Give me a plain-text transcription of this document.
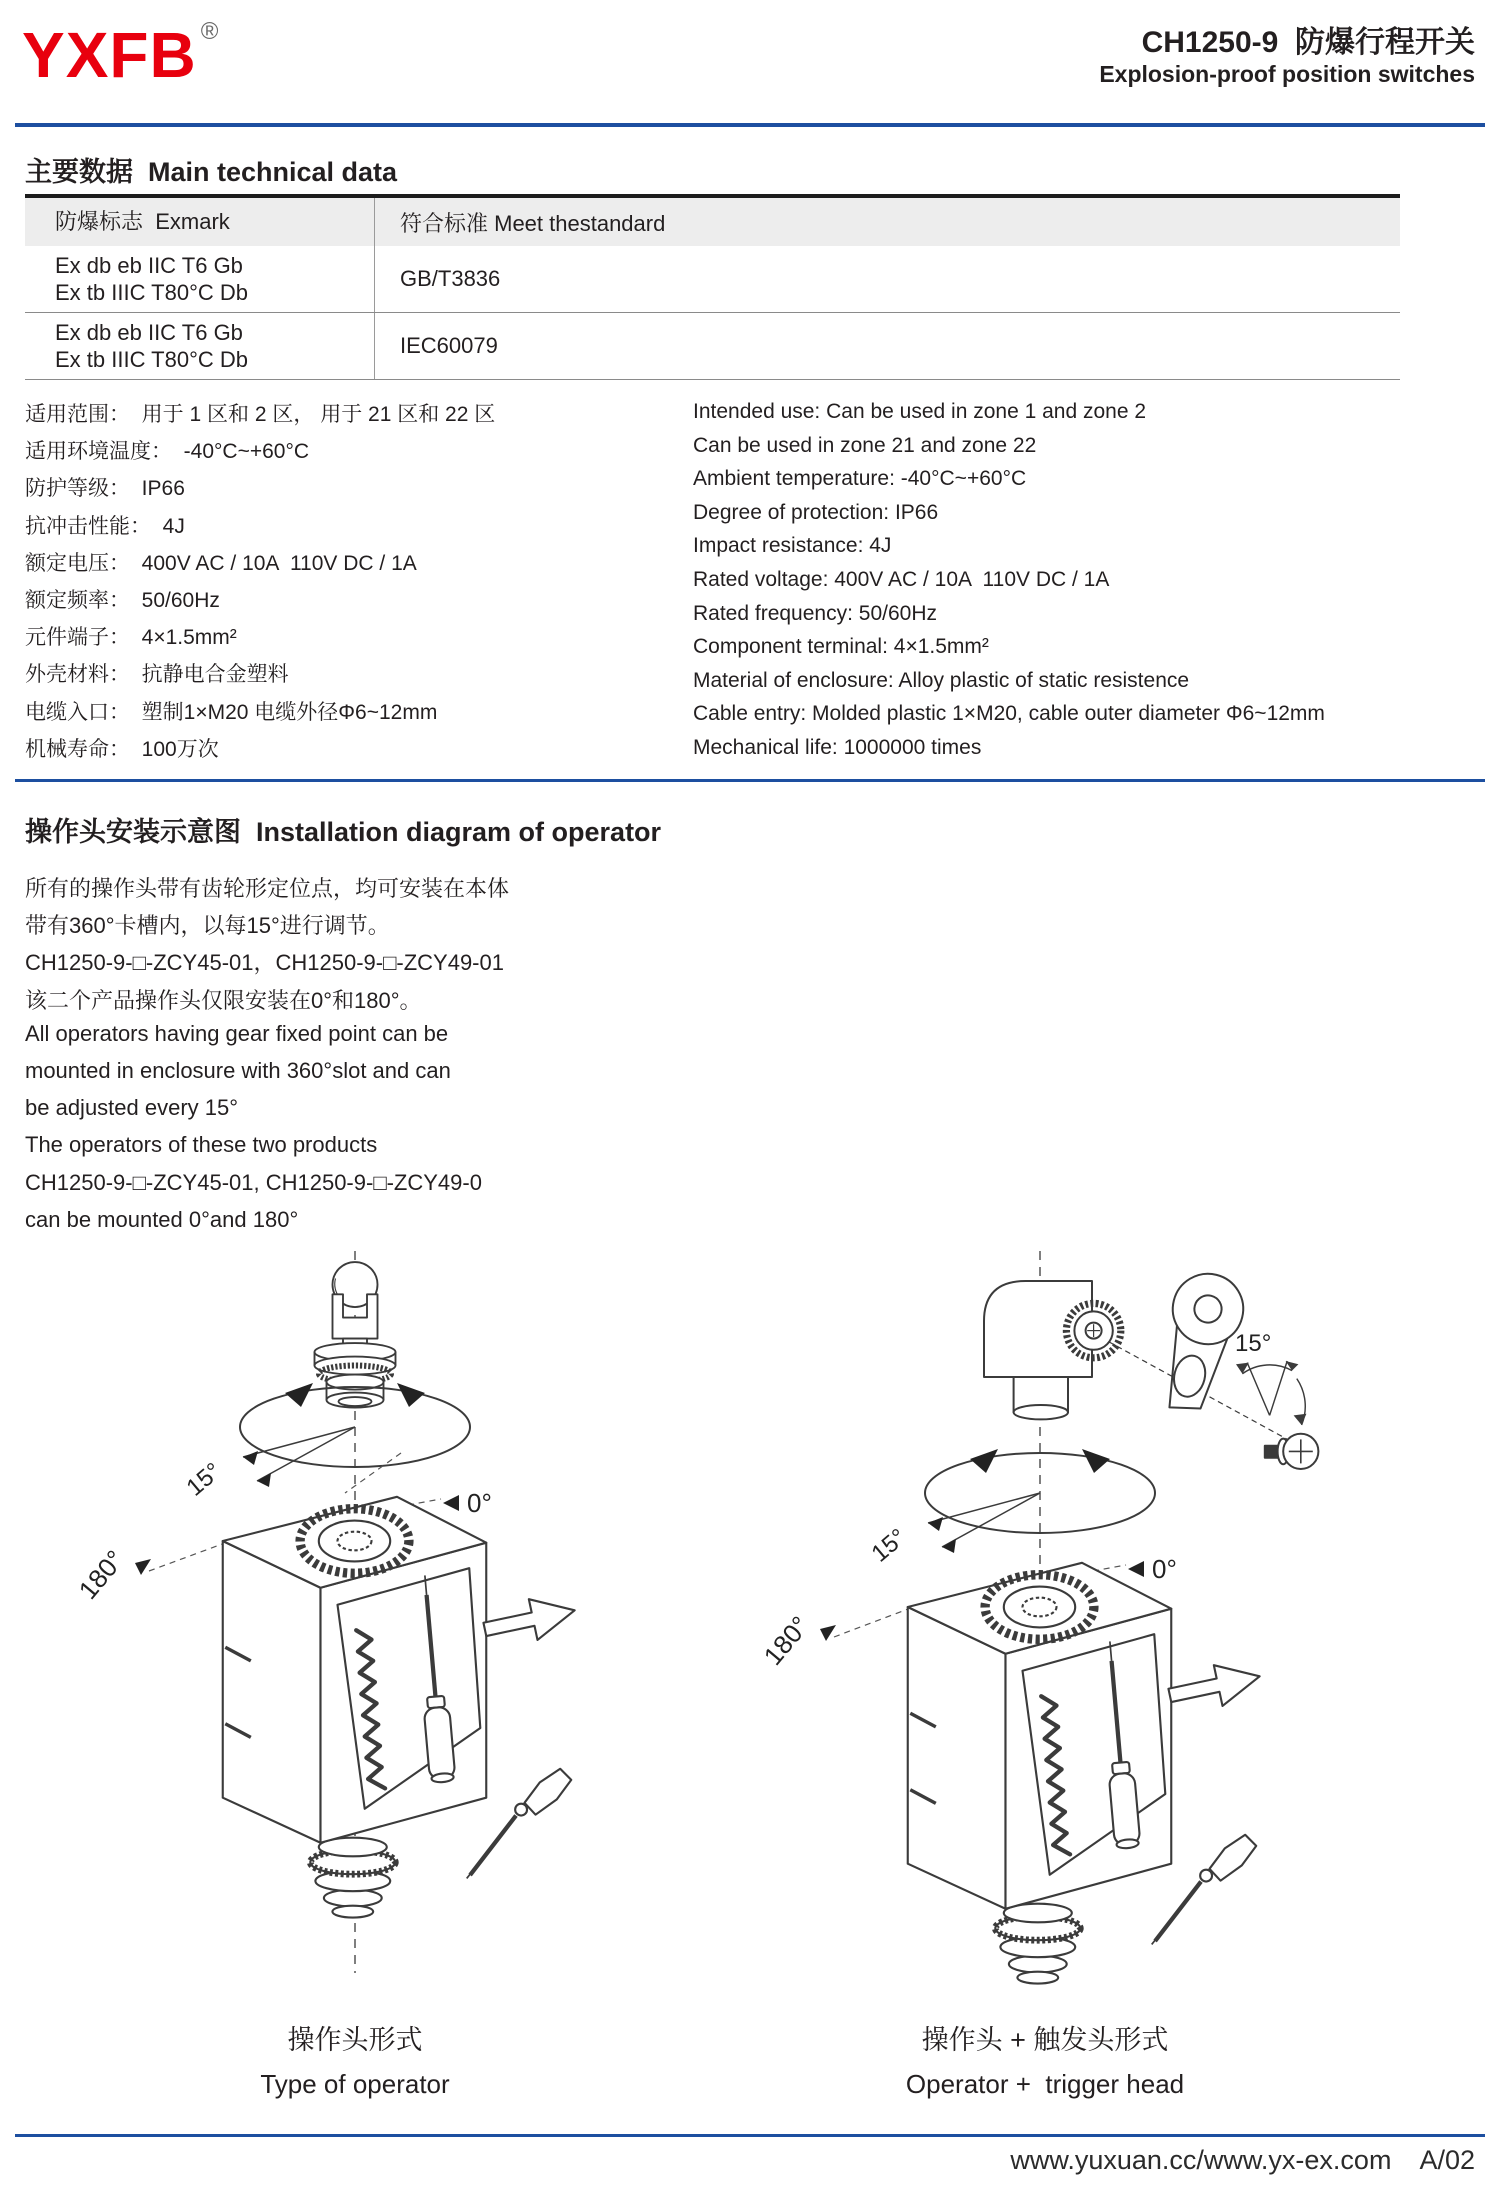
YXFB ®	CH1250-9  防爆行程开关
Explosion-proof position switches
主要数据  Main technical data
防爆标志  Exmark	符合标准 Meet thestandard
Ex db eb IIC T6 Gb
Ex tb IIIC T80°C Db
GB/T3836
Ex db eb IIC T6 Gb
Ex tb IIIC T80°C Db
IEC60079
适用范围：  用于 1 区和 2 区， 用于 21 区和 22 区
适用环境温度：  -40°C~+60°C
防护等级：  IP66
抗冲击性能：  4J
额定电压：  400V AC / 10A  110V DC / 1A
额定频率：  50/60Hz
元件端子：  4×1.5mm²
外壳材料：  抗静电合金塑料
电缆入口：  塑制1×M20 电缆外径Φ6~12mm
机械寿命：  100万次
Intended use: Can be used in zone 1 and zone 2
Can be used in zone 21 and zone 22
Ambient temperature: -40°C~+60°C
Degree of protection: IP66
Impact resistance: 4J
Rated voltage: 400V AC / 10A  110V DC / 1A
Rated frequency: 50/60Hz
Component terminal: 4×1.5mm²
Material of enclosure: Alloy plastic of static resistence
Cable entry: Molded plastic 1×M20, cable outer diameter Φ6~12mm
Mechanical life: 1000000 times
操作头安装示意图  Installation diagram of operator
所有的操作头带有齿轮形定位点，均可安装在本体
带有360°卡槽内，以每15°进行调节。
CH1250-9-□-ZCY45-01，CH1250-9-□-ZCY49-01
该二个产品操作头仅限安装在0°和180°。
All operators having gear fixed point can be
mounted in enclosure with 360°slot and can
be adjusted every 15°
The operators of these two products
CH1250-9-□-ZCY45-01, CH1250-9-□-ZCY49-0
can be mounted 0°and 180°
15°
0°
180°
15°
15°
0°
180°
操作头形式
Type of operator
操作头 + 触发头形式
Operator +  trigger head
www.yuxuan.cc/www.yx-ex.com A/02
